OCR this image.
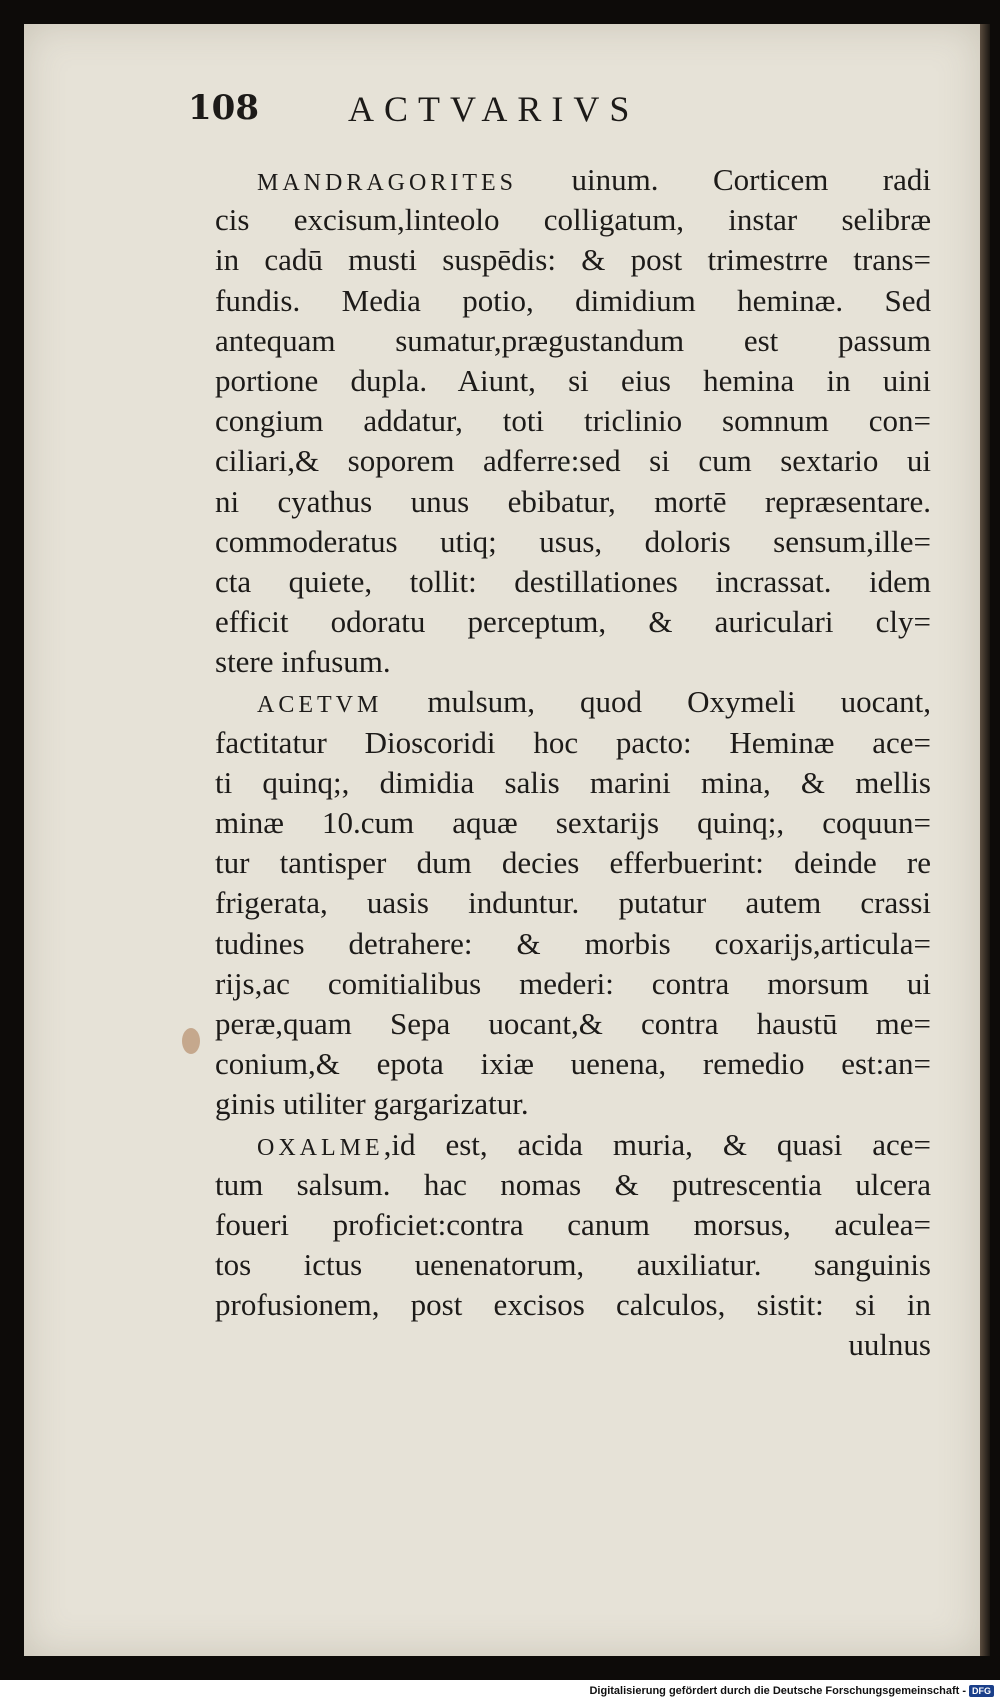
108 ACTVARIVS
MANDRAGORITES uinum. Corticem radi
cis excisum,linteolo colligatum, instar selibræ
in cadū musti suspēdis: & post trimestrre trans=
fundis. Media potio, dimidium heminæ. Sed
antequam sumatur,prægustandum est passum
portione dupla. Aiunt, si eius hemina in uini
congium addatur, toti triclinio somnum con=
ciliari,& soporem adferre:sed si cum sextario ui
ni cyathus unus ebibatur, mortē repræsentare.
commoderatus utiq; usus, doloris sensum,ille=
cta quiete, tollit: destillationes incrassat. idem
efficit odoratu perceptum, & auriculari cly=
stere infusum.
ACETVM mulsum, quod Oxymeli uocant,
factitatur Dioscoridi hoc pacto: Heminæ ace=
ti quinq;, dimidia salis marini mina, & mellis
minæ 10.cum aquæ sextarijs quinq;, coquun=
tur tantisper dum decies efferbuerint: deinde re
frigerata, uasis induntur. putatur autem crassi
tudines detrahere: & morbis coxarijs,articula=
rijs,ac comitialibus mederi: contra morsum ui
peræ,quam Sepa uocant,& contra haustū me=
conium,& epota ixiæ uenena, remedio est:an=
ginis utiliter gargarizatur.
OXALME,id est, acida muria, & quasi ace=
tum salsum. hac nomas & putrescentia ulcera
foueri proficiet:contra canum morsus, aculea=
tos ictus uenenatorum, auxiliatur. sanguinis
profusionem, post excisos calculos, sistit: si in
uulnus
Digitalisierung gefördert durch die Deutsche Forschungsgemeinschaft - DFG
